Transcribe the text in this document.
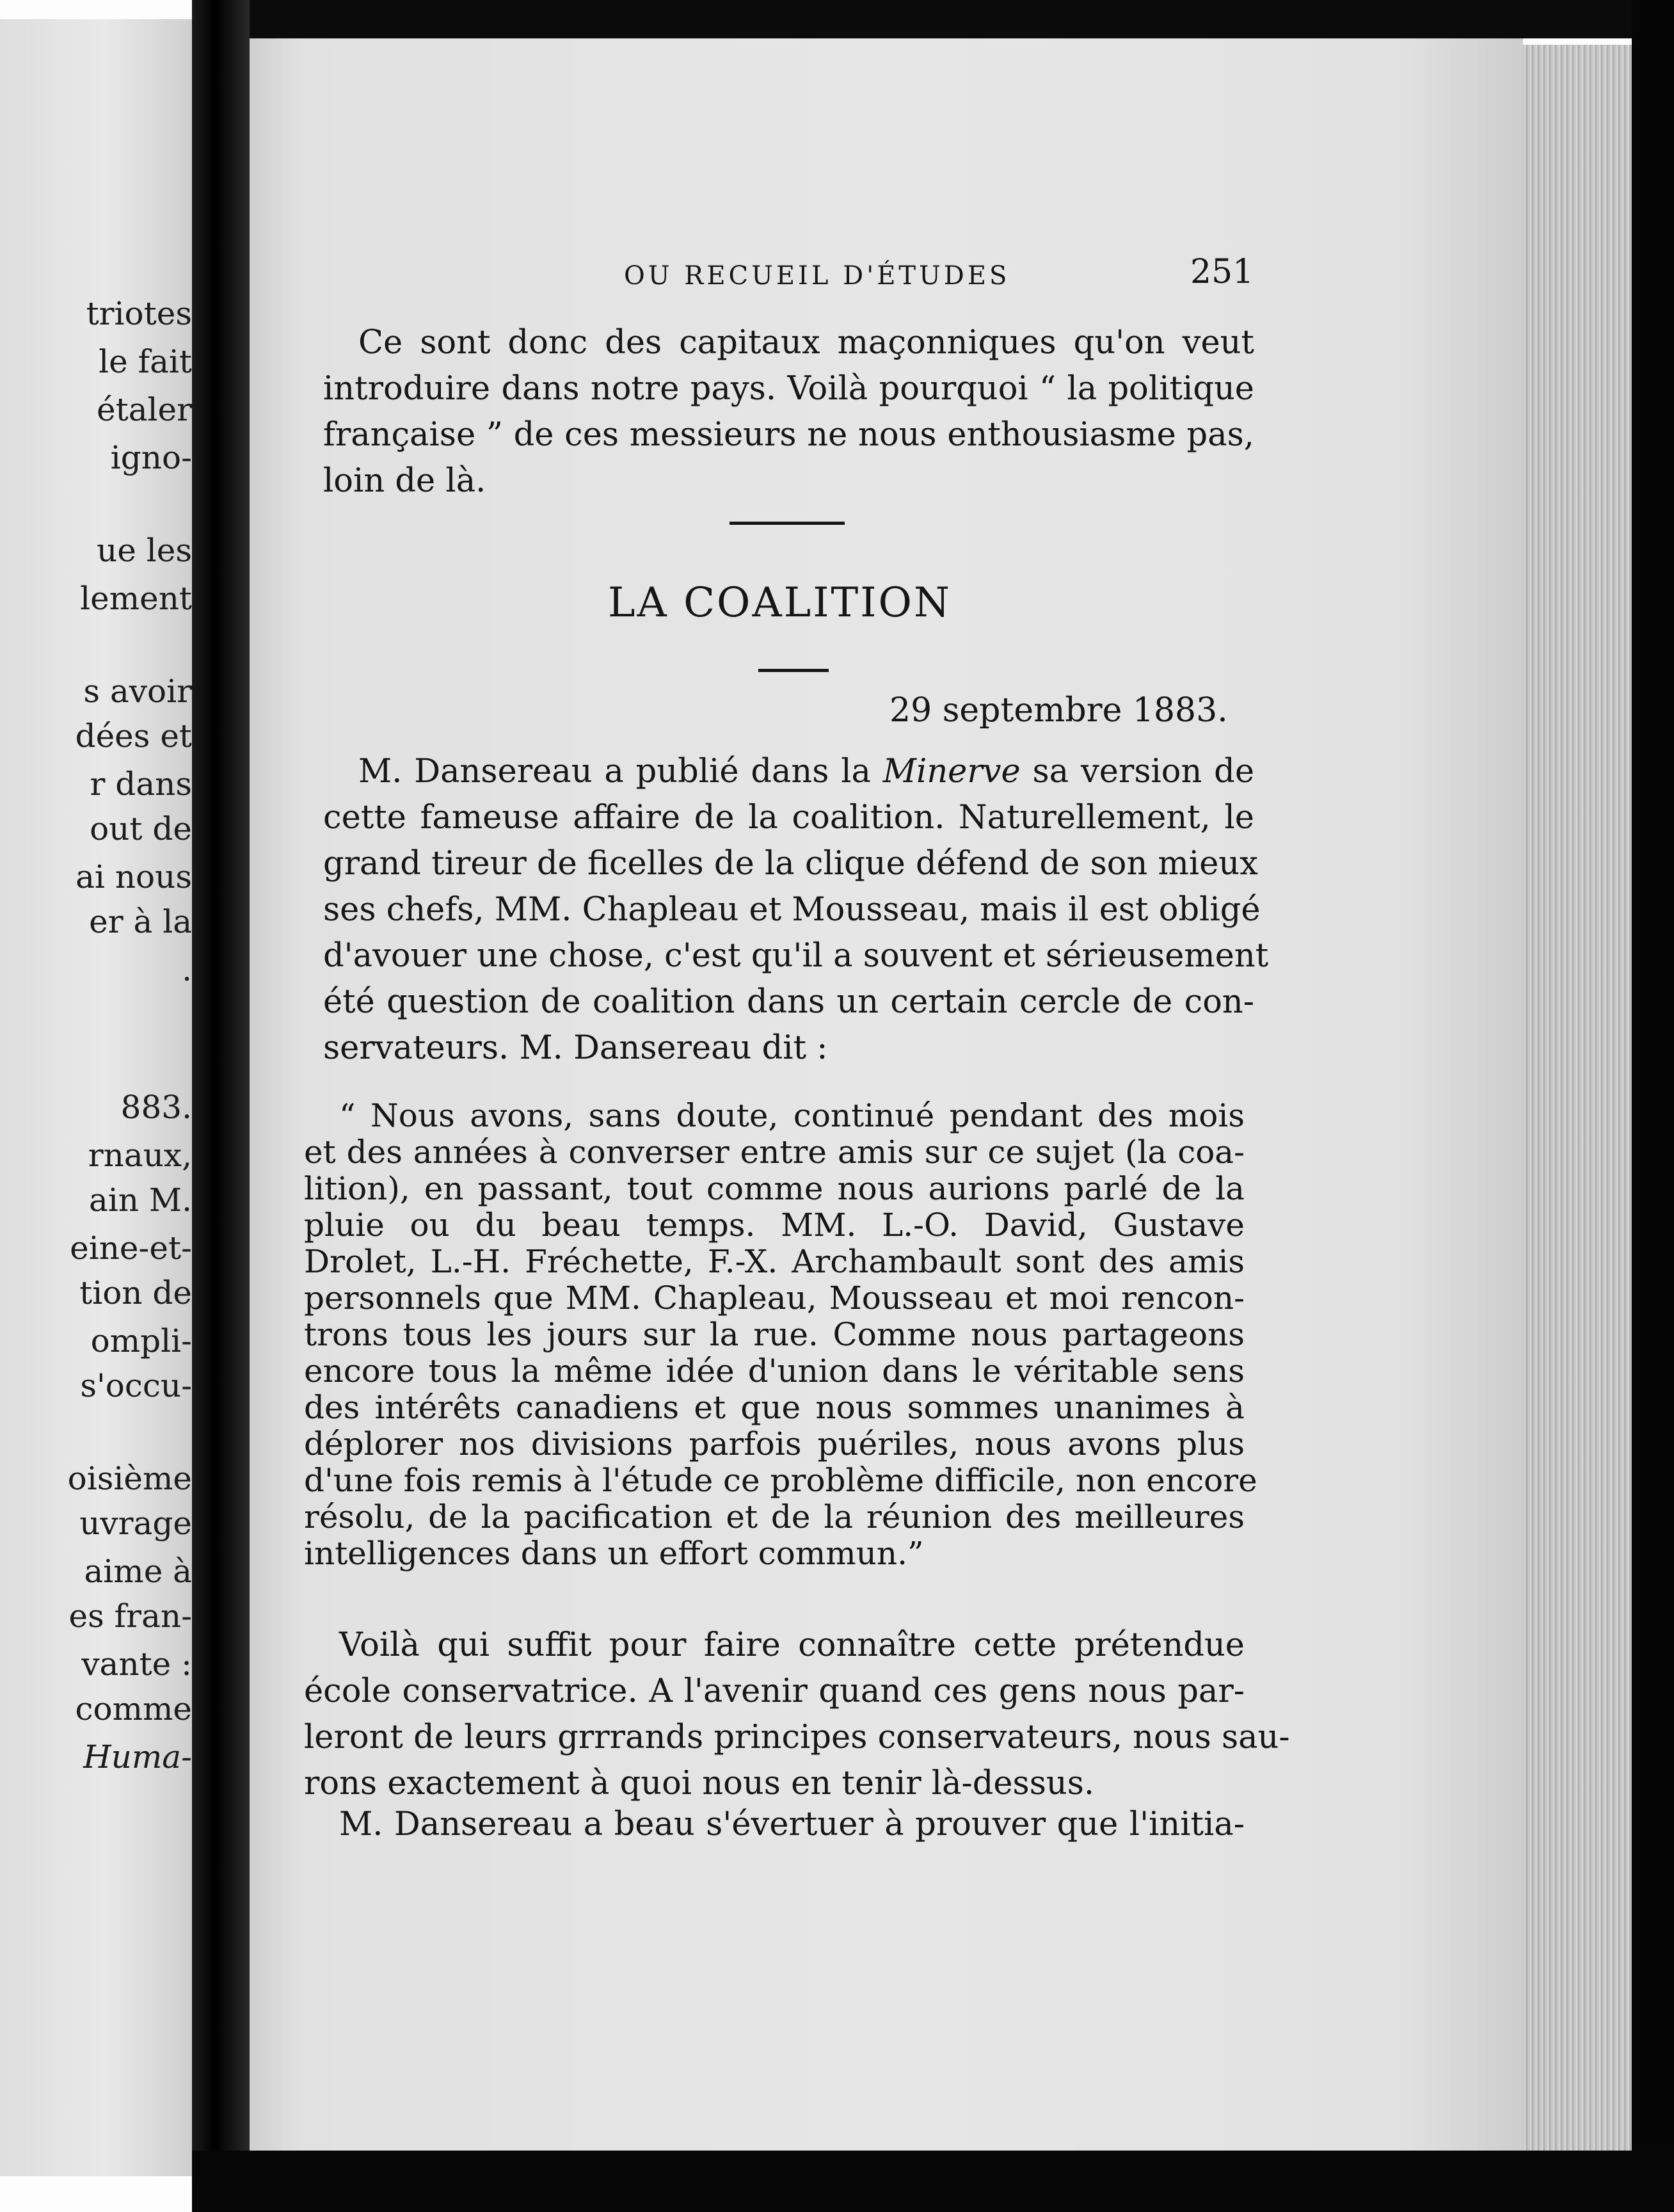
triotes
le fait
étaler
igno-
ue les
lement
s avoir
dées et
r dans
out de
ai nous
er à la
.
883.
rnaux,
ain M.
eine-et-
tion de
ompli-
s'occu-
oisième
uvrage
aime à
es fran-
vante :
comme
Huma-
OU RECUEIL D'ÉTUDES	251
Ce sont donc des capitaux maçonniques qu'on veut
introduire dans notre pays. Voilà pourquoi “ la politique
française ” de ces messieurs ne nous enthousiasme pas,
loin de là.
LA COALITION
29 septembre 1883.
M. Dansereau a publié dans la Minerve sa version de
cette fameuse affaire de la coalition. Naturellement, le
grand tireur de ficelles de la clique défend de son mieux
ses chefs, MM. Chapleau et Mousseau, mais il est obligé
d'avouer une chose, c'est qu'il a souvent et sérieusement
été question de coalition dans un certain cercle de con-
servateurs. M. Dansereau dit :
“ Nous avons, sans doute, continué pendant des mois
et des années à converser entre amis sur ce sujet (la coa-
lition), en passant, tout comme nous aurions parlé de la
pluie ou du beau temps. MM. L.-O. David, Gustave
Drolet, L.-H. Fréchette, F.-X. Archambault sont des amis
personnels que MM. Chapleau, Mousseau et moi rencon-
trons tous les jours sur la rue. Comme nous partageons
encore tous la même idée d'union dans le véritable sens
des intérêts canadiens et que nous sommes unanimes à
déplorer nos divisions parfois puériles, nous avons plus
d'une fois remis à l'étude ce problème difficile, non encore
résolu, de la pacification et de la réunion des meilleures
intelligences dans un effort commun.”
Voilà qui suffit pour faire connaître cette prétendue
école conservatrice. A l'avenir quand ces gens nous par-
leront de leurs grrrands principes conservateurs, nous sau-
rons exactement à quoi nous en tenir là-dessus.
M. Dansereau a beau s'évertuer à prouver que l'initia-
